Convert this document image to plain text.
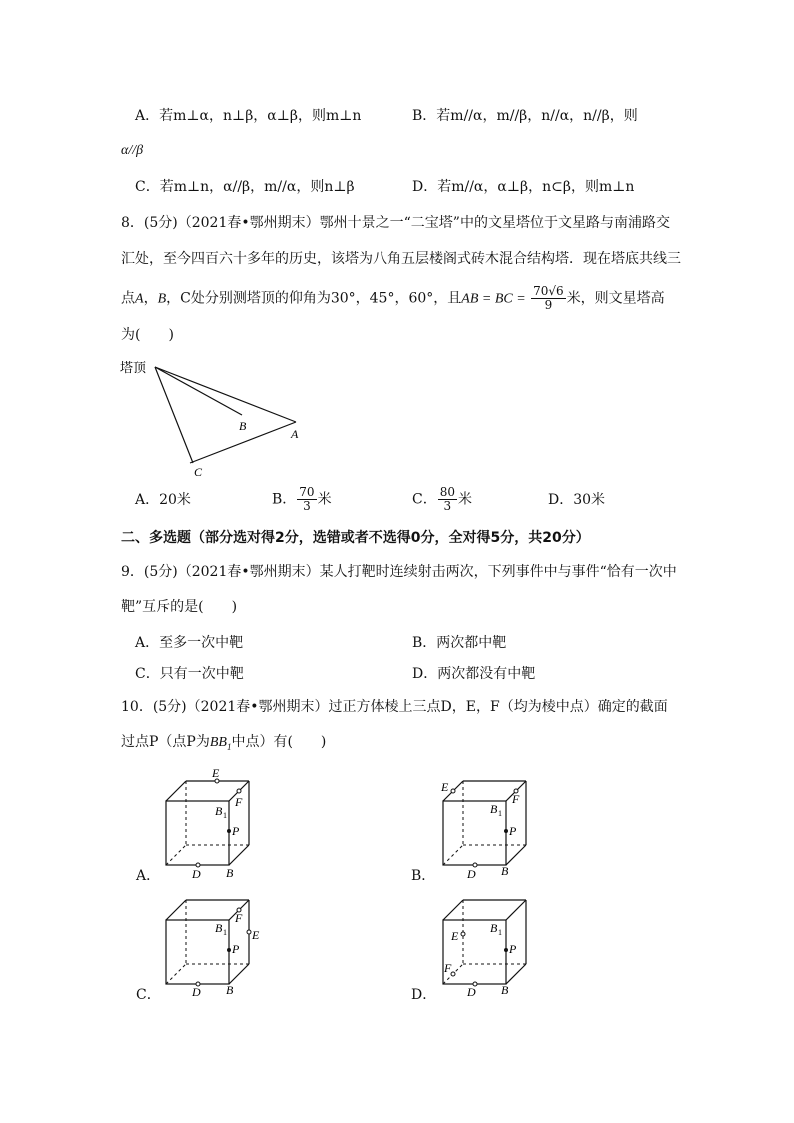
A．若m⊥α，n⊥β，α⊥β，则m⊥n	B．若m//α，m//β，n//α，n//β，则
α//β
C．若m⊥n，α//β，m//α，则n⊥β	D．若m//α，α⊥β，n⊂β，则m⊥n
8．(5分)（2021春•鄂州期末）鄂州十景之一“二宝塔”中的文星塔位于文星路与南浦路交
汇处，至今四百六十多年的历史，该塔为八角五层楼阁式砖木混合结构塔．现在塔底共线三
点A，B，C处分别测塔顶的仰角为30°，45°，60°，且AB = BC = $\frac{70√6}{9}$ 米，则文星塔高
为(　　)
塔顶
A
B
C
A．20米	B． $\frac{70}{3}$ 米	C． $\frac{80}{3}$ 米	D．30米
二、多选题（部分选对得2分，选错或者不选得0分，全对得5分，共20分）
9．(5分)（2021春•鄂州期末）某人打靶时连续射击两次，下列事件中与事件“恰有一次中
靶”互斥的是(　　)
A．至多一次中靶	B．两次都中靶
C．只有一次中靶	D．两次都没有中靶
10．(5分)（2021春•鄂州期末）过正方体棱上三点D，E，F（均为棱中点）确定的截面
过点P（点P为$BB_1$中点）有(　　)
E
F
B 1
P
D B
A．
E
F
B 1
P
D B
B．
F
E
B 1
P
D B
C．
E
F
B 1
P
D B
D．
